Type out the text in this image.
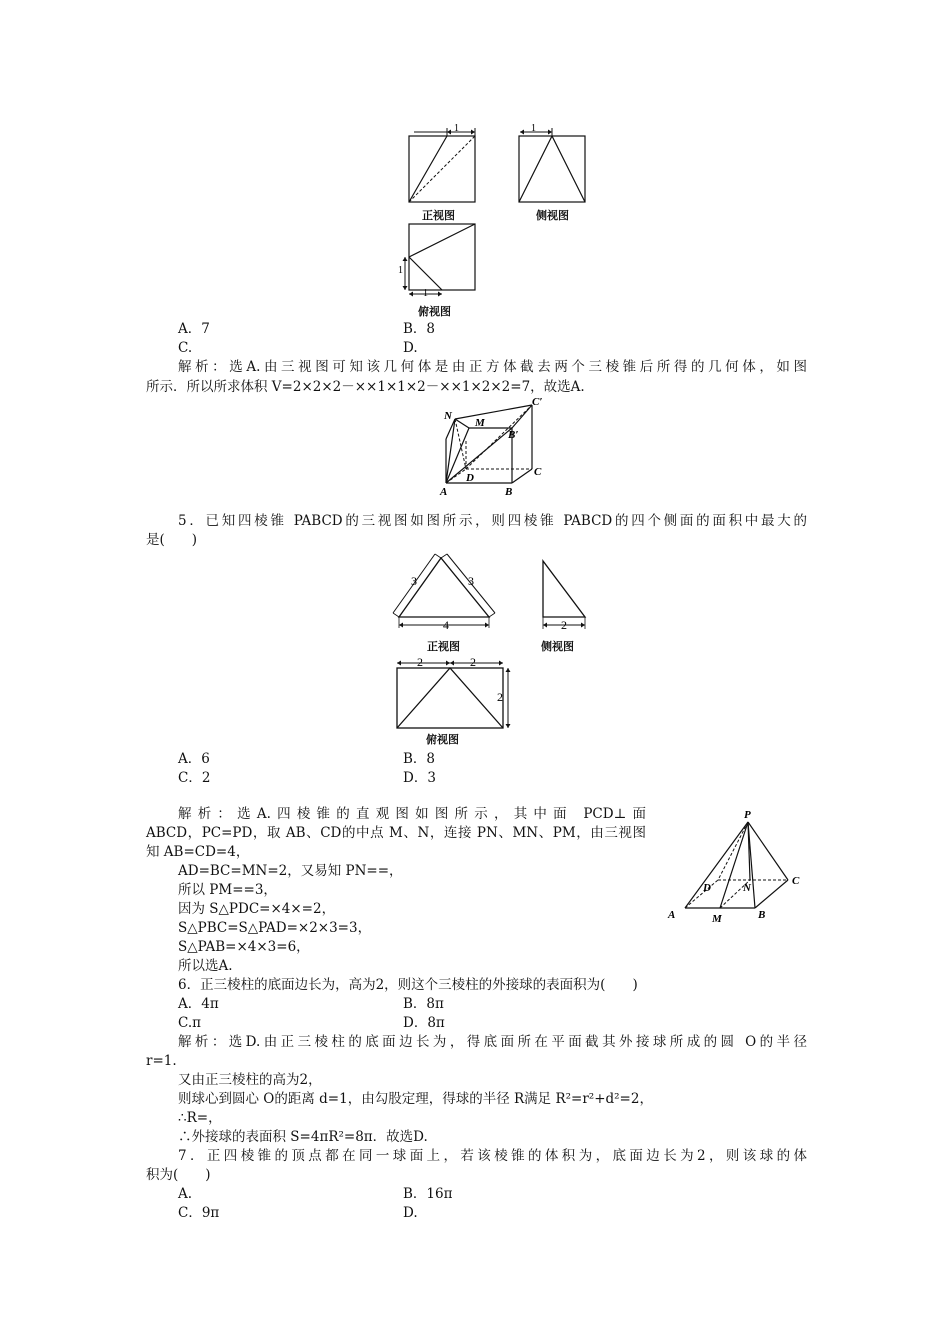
1
正视图
1
侧视图
1
1
俯视图
A．7	B．8
C.	D.
解析：选A.由三视图可知该几何体是由正方体截去两个三棱锥后所得的几何体，如图
所示．所以所求体积 V=2×2×2－××1×1×2－××1×2×2=7，故选A.
N
M
C′
B′
C
D
A	B
5．已知四棱锥 PABCD的三视图如图所示，则四棱锥 PABCD的四个侧面的面积中最大的
是(　　)
3	3
4
正视图
2
侧视图
2	2
2
俯视图
A．6	B．8
C．2	D．3
解析：选A.四棱锥的直观图如图所示，其中面 PCD⊥面
ABCD，PC=PD，取 AB、CD的中点 M、N，连接 PN、MN、PM，由三视图
知 AB=CD=4，
AD=BC=MN=2，又易知 PN==，
所以 PM==3，
因为 S△PDC=×4×=2，
S△PBC=S△PAD=×2×3=3，
S△PAB=×4×3=6，
所以选A.
P
D	N
C
A	M	B
6．正三棱柱的底面边长为，高为2，则这个三棱柱的外接球的表面积为(　　)
A．4π	B．8π
C.π	D．8π
解析：选D.由正三棱柱的底面边长为，得底面所在平面截其外接球所成的圆 O的半径
r=1.
又由正三棱柱的高为2，
则球心到圆心 O的距离 d=1，由勾股定理，得球的半径 R满足 R²=r²+d²=2，
∴R=，
∴外接球的表面积 S=4πR²=8π．故选D.
7．正四棱锥的顶点都在同一球面上，若该棱锥的体积为，底面边长为2，则该球的体
积为(　　)
A.	B．16π
C．9π	D.
